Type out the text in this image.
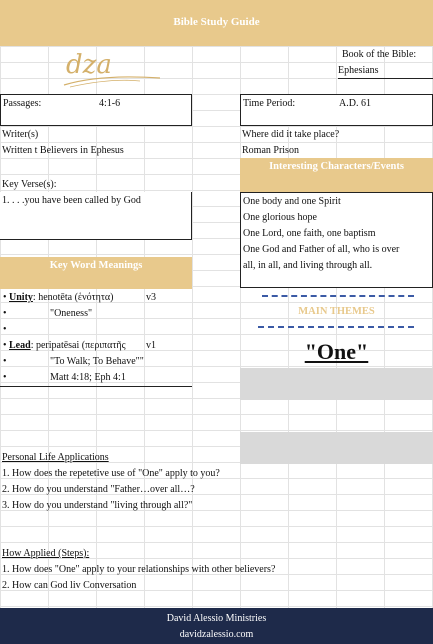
Bible Study Guide
dza	Book of the Bible:
Ephesians
Passages:	4:1-6	Time Period:	A.D. 61
Writer(s)
Written t Believers in Ephesus
Where did it take place?
Roman Prison
Interesting Characters/Events
One body and one Spirit
One glorious hope
One Lord, one faith, one baptism
One God and Father of all, who is over
all, in all, and living through all.
Key Verse(s):
1. . . .you have been called by God
Key Word Meanings
• Unity: henotēta (ἑνότητα)	v3
•	"Oneness"
•
• Lead: peripatēsai (περιπατῆς v1
•	"To Walk; To Behave""
•	Matt 4:18; Eph 4:1
MAIN THEMES
"One"
Personal Life Applications
1. How does the repetetive use of "One" apply to you?
2. How do you understand "Father…over all…?
3. How do you understand "living through all?"
How Applied (Steps):
1. How does "One" apply to your relationships with other believers?
2. How can God liv Conversation
David Alessio Ministries
davidzalessio.com
